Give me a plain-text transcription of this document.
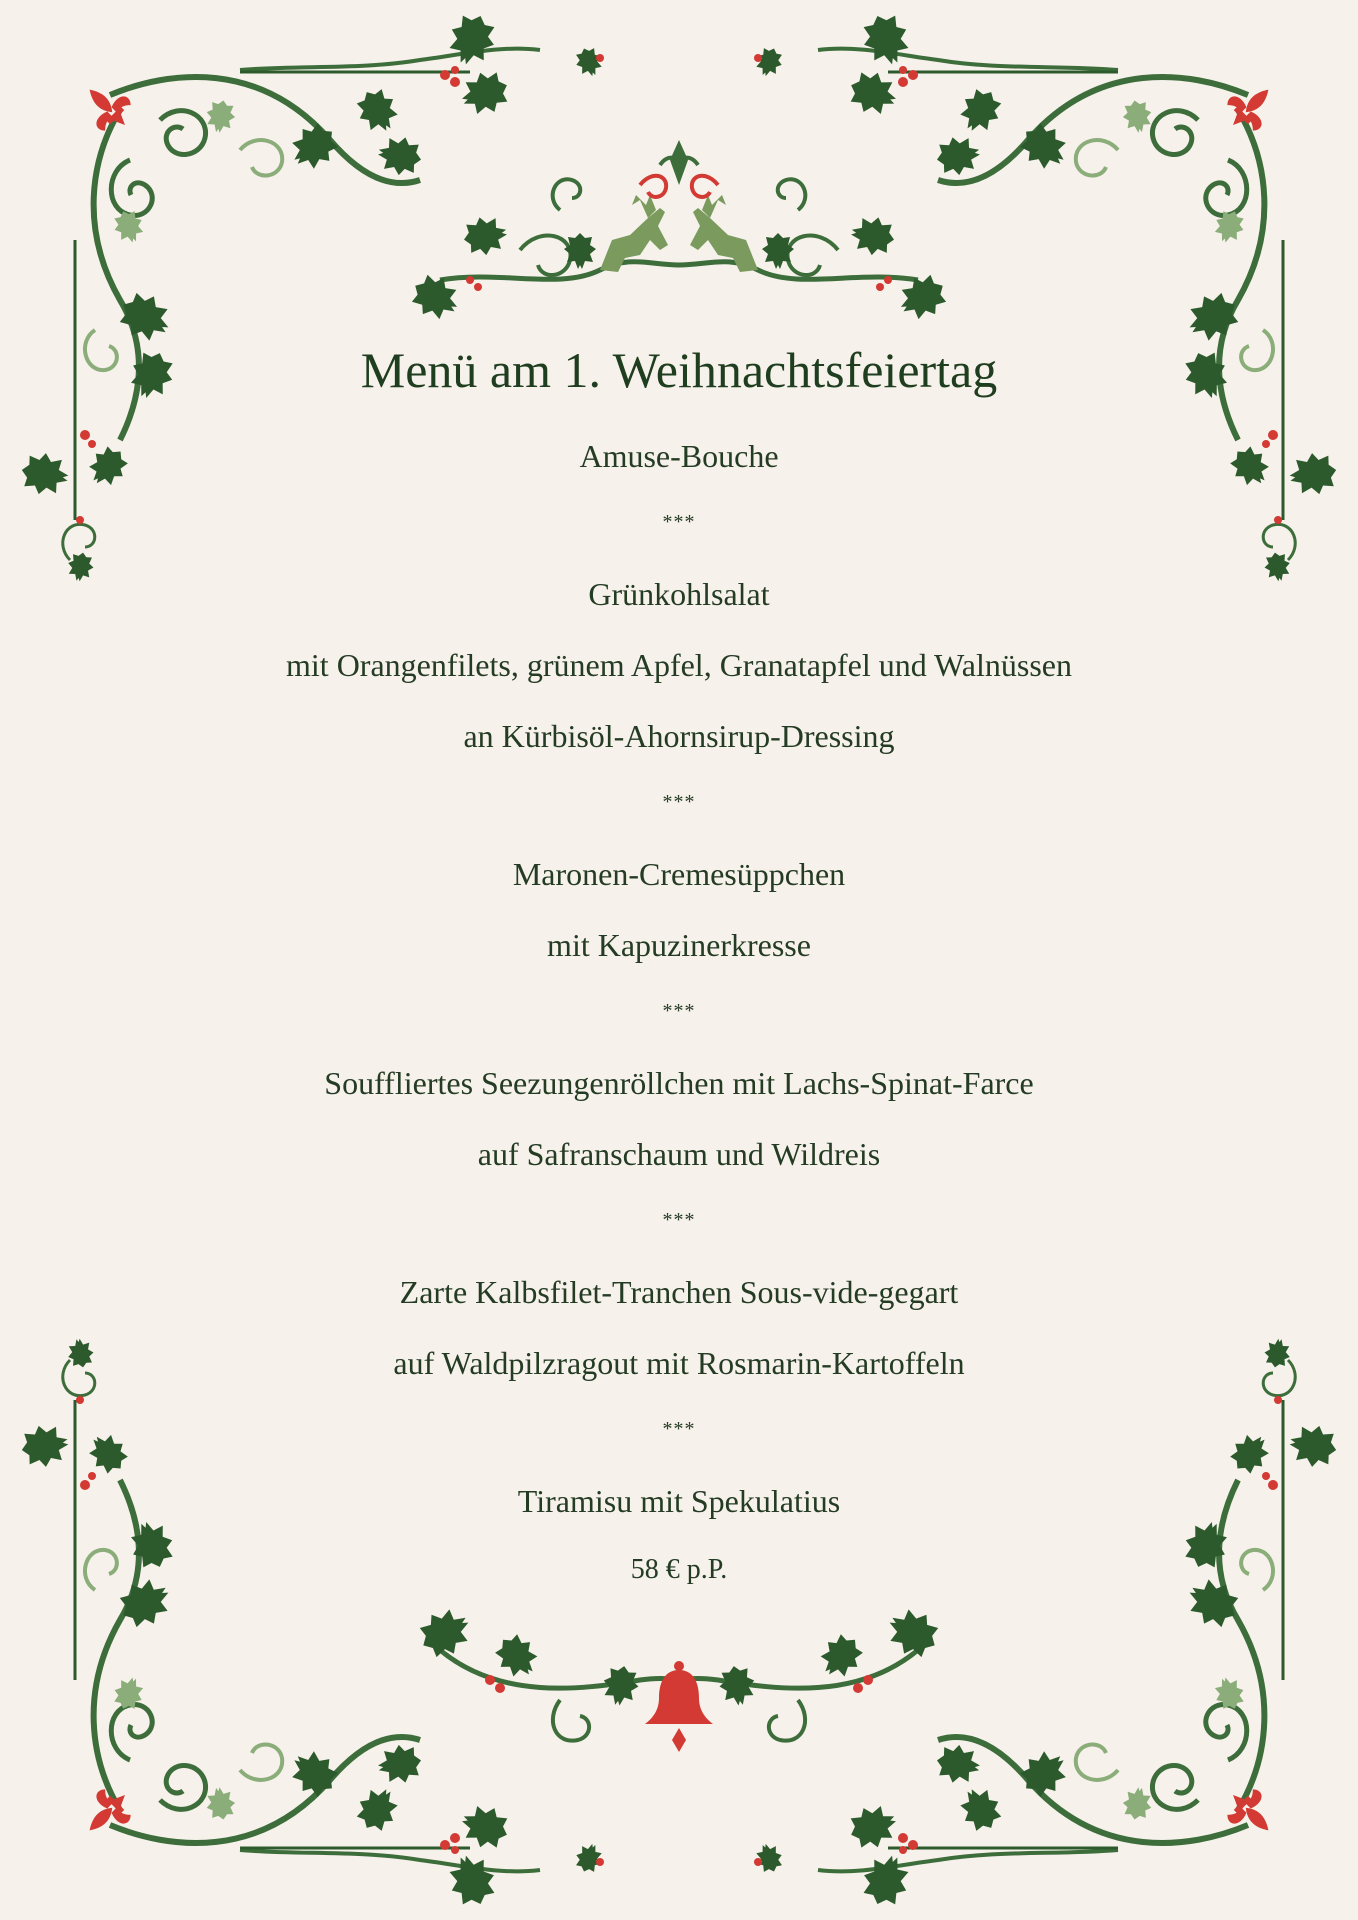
Menü am 1. Weihnachtsfeiertag
Amuse-Bouche
***
Grünkohlsalat
mit Orangenfilets, grünem Apfel, Granatapfel und Walnüssen
an Kürbisöl-Ahornsirup-Dressing
***
Maronen-Cremesüppchen
mit Kapuzinerkresse
***
Souffliertes Seezungenröllchen mit Lachs-Spinat-Farce
auf Safranschaum und Wildreis
***
Zarte Kalbsfilet-Tranchen Sous-vide-gegart
auf Waldpilzragout mit Rosmarin-Kartoffeln
***
Tiramisu mit Spekulatius
58 € p.P.
